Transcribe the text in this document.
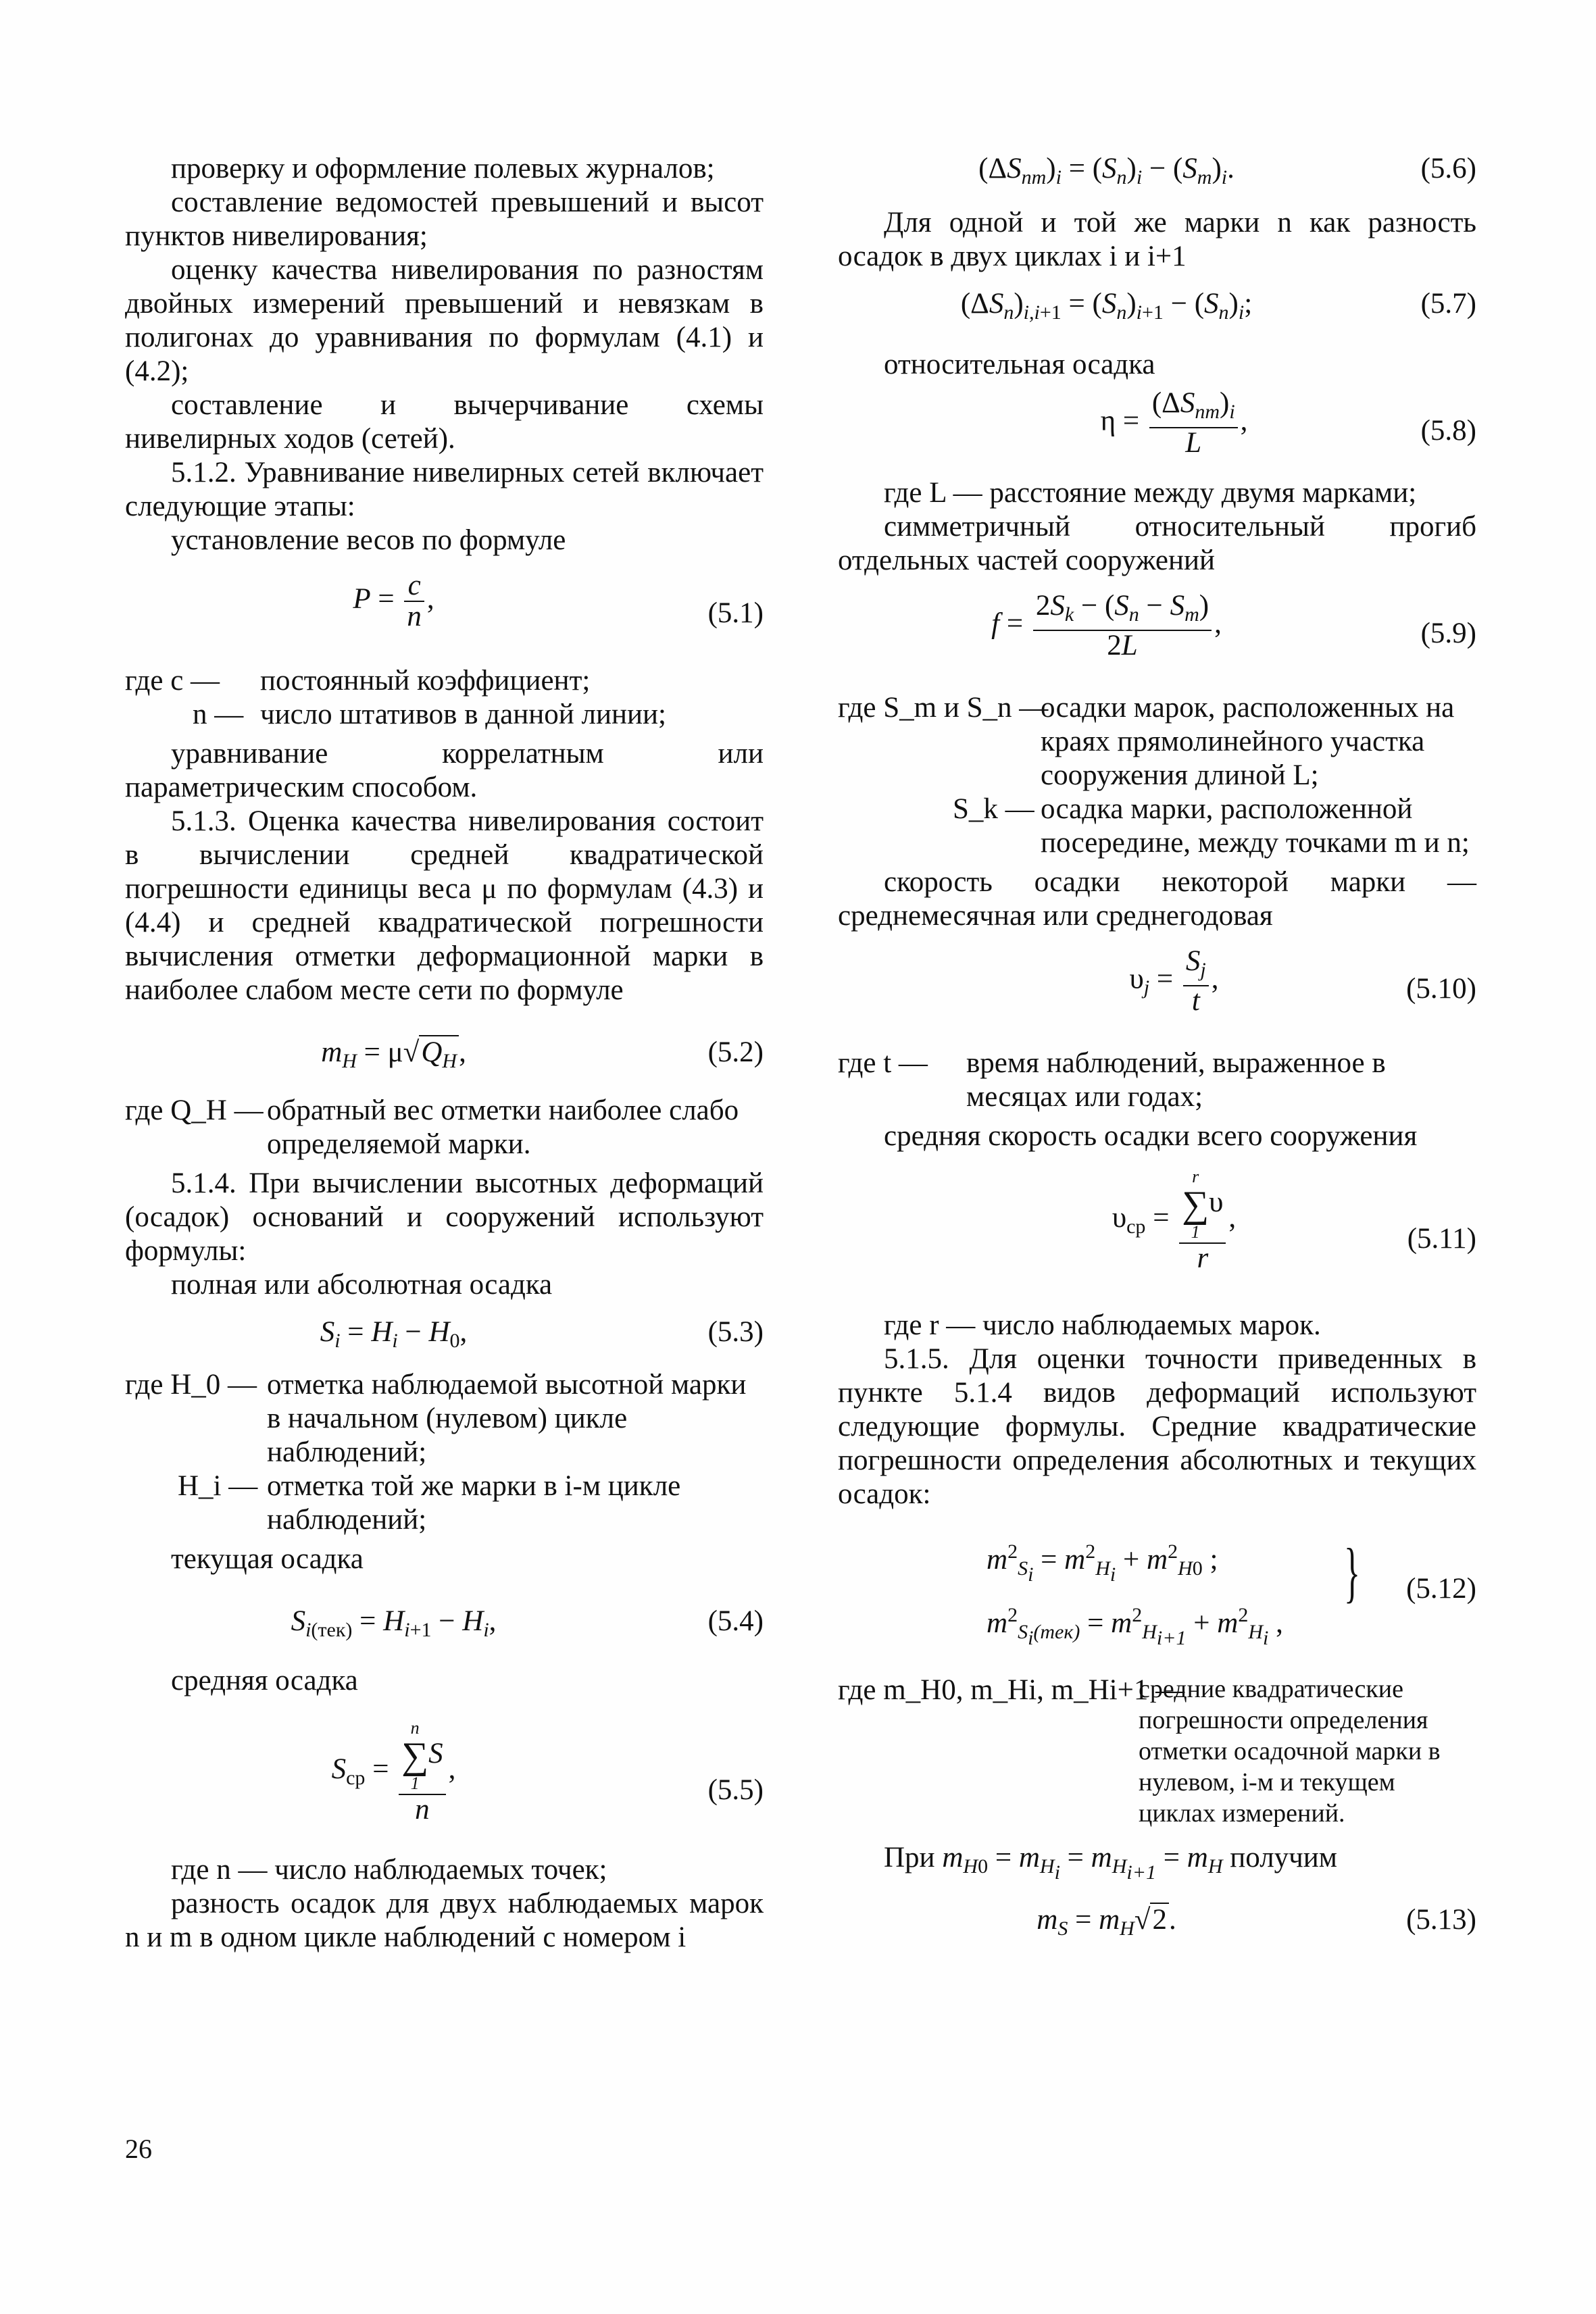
проверку и оформление полевых журналов;

составление ведомостей превышений и высот пунктов нивелирования;

оценку качества нивелирования по разностям двойных измерений превышений и невязкам в полигонах до уравнивания по формулам (4.1) и (4.2);

составление и вычерчивание схемы нивелирных ходов (сетей).

5.1.2. Уравнивание нивелирных сетей включает следующие этапы:

установление весов по формуле

$P = \frac{c}{n}$ ,	(5.1)
где c — постоянный коэффициент;
n — число штативов в данной линии;

уравнивание коррелатным или параметрическим способом.

5.1.3. Оценка качества нивелирования состоит в вычислении средней квадратической погрешности единицы веса μ по формулам (4.3) и (4.4) и средней квадратической погрешности вычисления отметки деформационной марки в наиболее слабом месте сети по формуле

$m_H = \mu√Q_H$,	(5.2)
где Q_H — обратный вес отметки наиболее слабо определяемой марки.

5.1.4. При вычислении высотных деформаций (осадок) оснований и сооружений используют формулы:

полная или абсолютная осадка

$S_i = H_i - H_0$,	(5.3)
где H_0 — отметка наблюдаемой высотной марки в начальном (нулевом) цикле наблюдений;
H_i — отметка той же марки в i-м цикле наблюдений;

текущая осадка

$S_{i(тек)} = H_{i+1} - H_i$,	(5.4)

средняя осадка

$S_{ср} = n$
∑
1
S
n ,
(5.5)

где n — число наблюдаемых точек;

разность осадок для двух наблюдаемых марок n и m в одном цикле наблюдений с номером i

$(\Delta S_{nm})_i = (S_n)_i - (S_m)_i$.	(5.6)

Для одной и той же марки n как разность осадок в двух циклах i и i+1

$(\Delta S_n)_{i,i+1} = (S_n)_{i+1} - (S_n)_i$;	(5.7)

относительная осадка

$\eta = \frac{(\Delta S_{nm})_i}{L}$ ,	(5.8)

где L — расстояние между двумя марками;

симметричный относительный прогиб отдельных частей сооружений

$f = \frac{2S_k - (S_n - S_m)}{2L}$ ,	(5.9)
где S_m и S_n —
осадки марок, расположенных на краях прямолинейного участка сооружения длиной L;
S_k — осадка марки, расположенной посередине, между точками m и n;

скорость осадки некоторой марки — среднемесячная или среднегодовая

$\upsilon_j = \frac{S_j}{t}$ ,	(5.10)
где t — время наблюдений, выраженное в месяцах или годах;

средняя скорость осадки всего сооружения

$\upsilon_{ср} = r$
∑
1
υ
r ,
(5.11)

где r — число наблюдаемых марок.

5.1.5. Для оценки точности приведенных в пункте 5.1.4 видов деформаций используют следующие формулы. Средние квадратические погрешности определения абсолютных и текущих осадок:

$m^2_{Si} = m^2_{Hi} + m^2_{H0}$ ;
$m^2_{Si(тек)} = m^2_{Hi+1} + m^2_{Hi}$ ,
} (5.12)
где m_H0, m_Hi, m_Hi+1 —
средние квадратические погрешности определения отметки осадочной марки в нулевом, i-м и текущем циклах измерений.

При $m_{H0} = m_{Hi} = m_{Hi+1} = m_H$ получим

$m_S = m_H√2$.	(5.13)
26
